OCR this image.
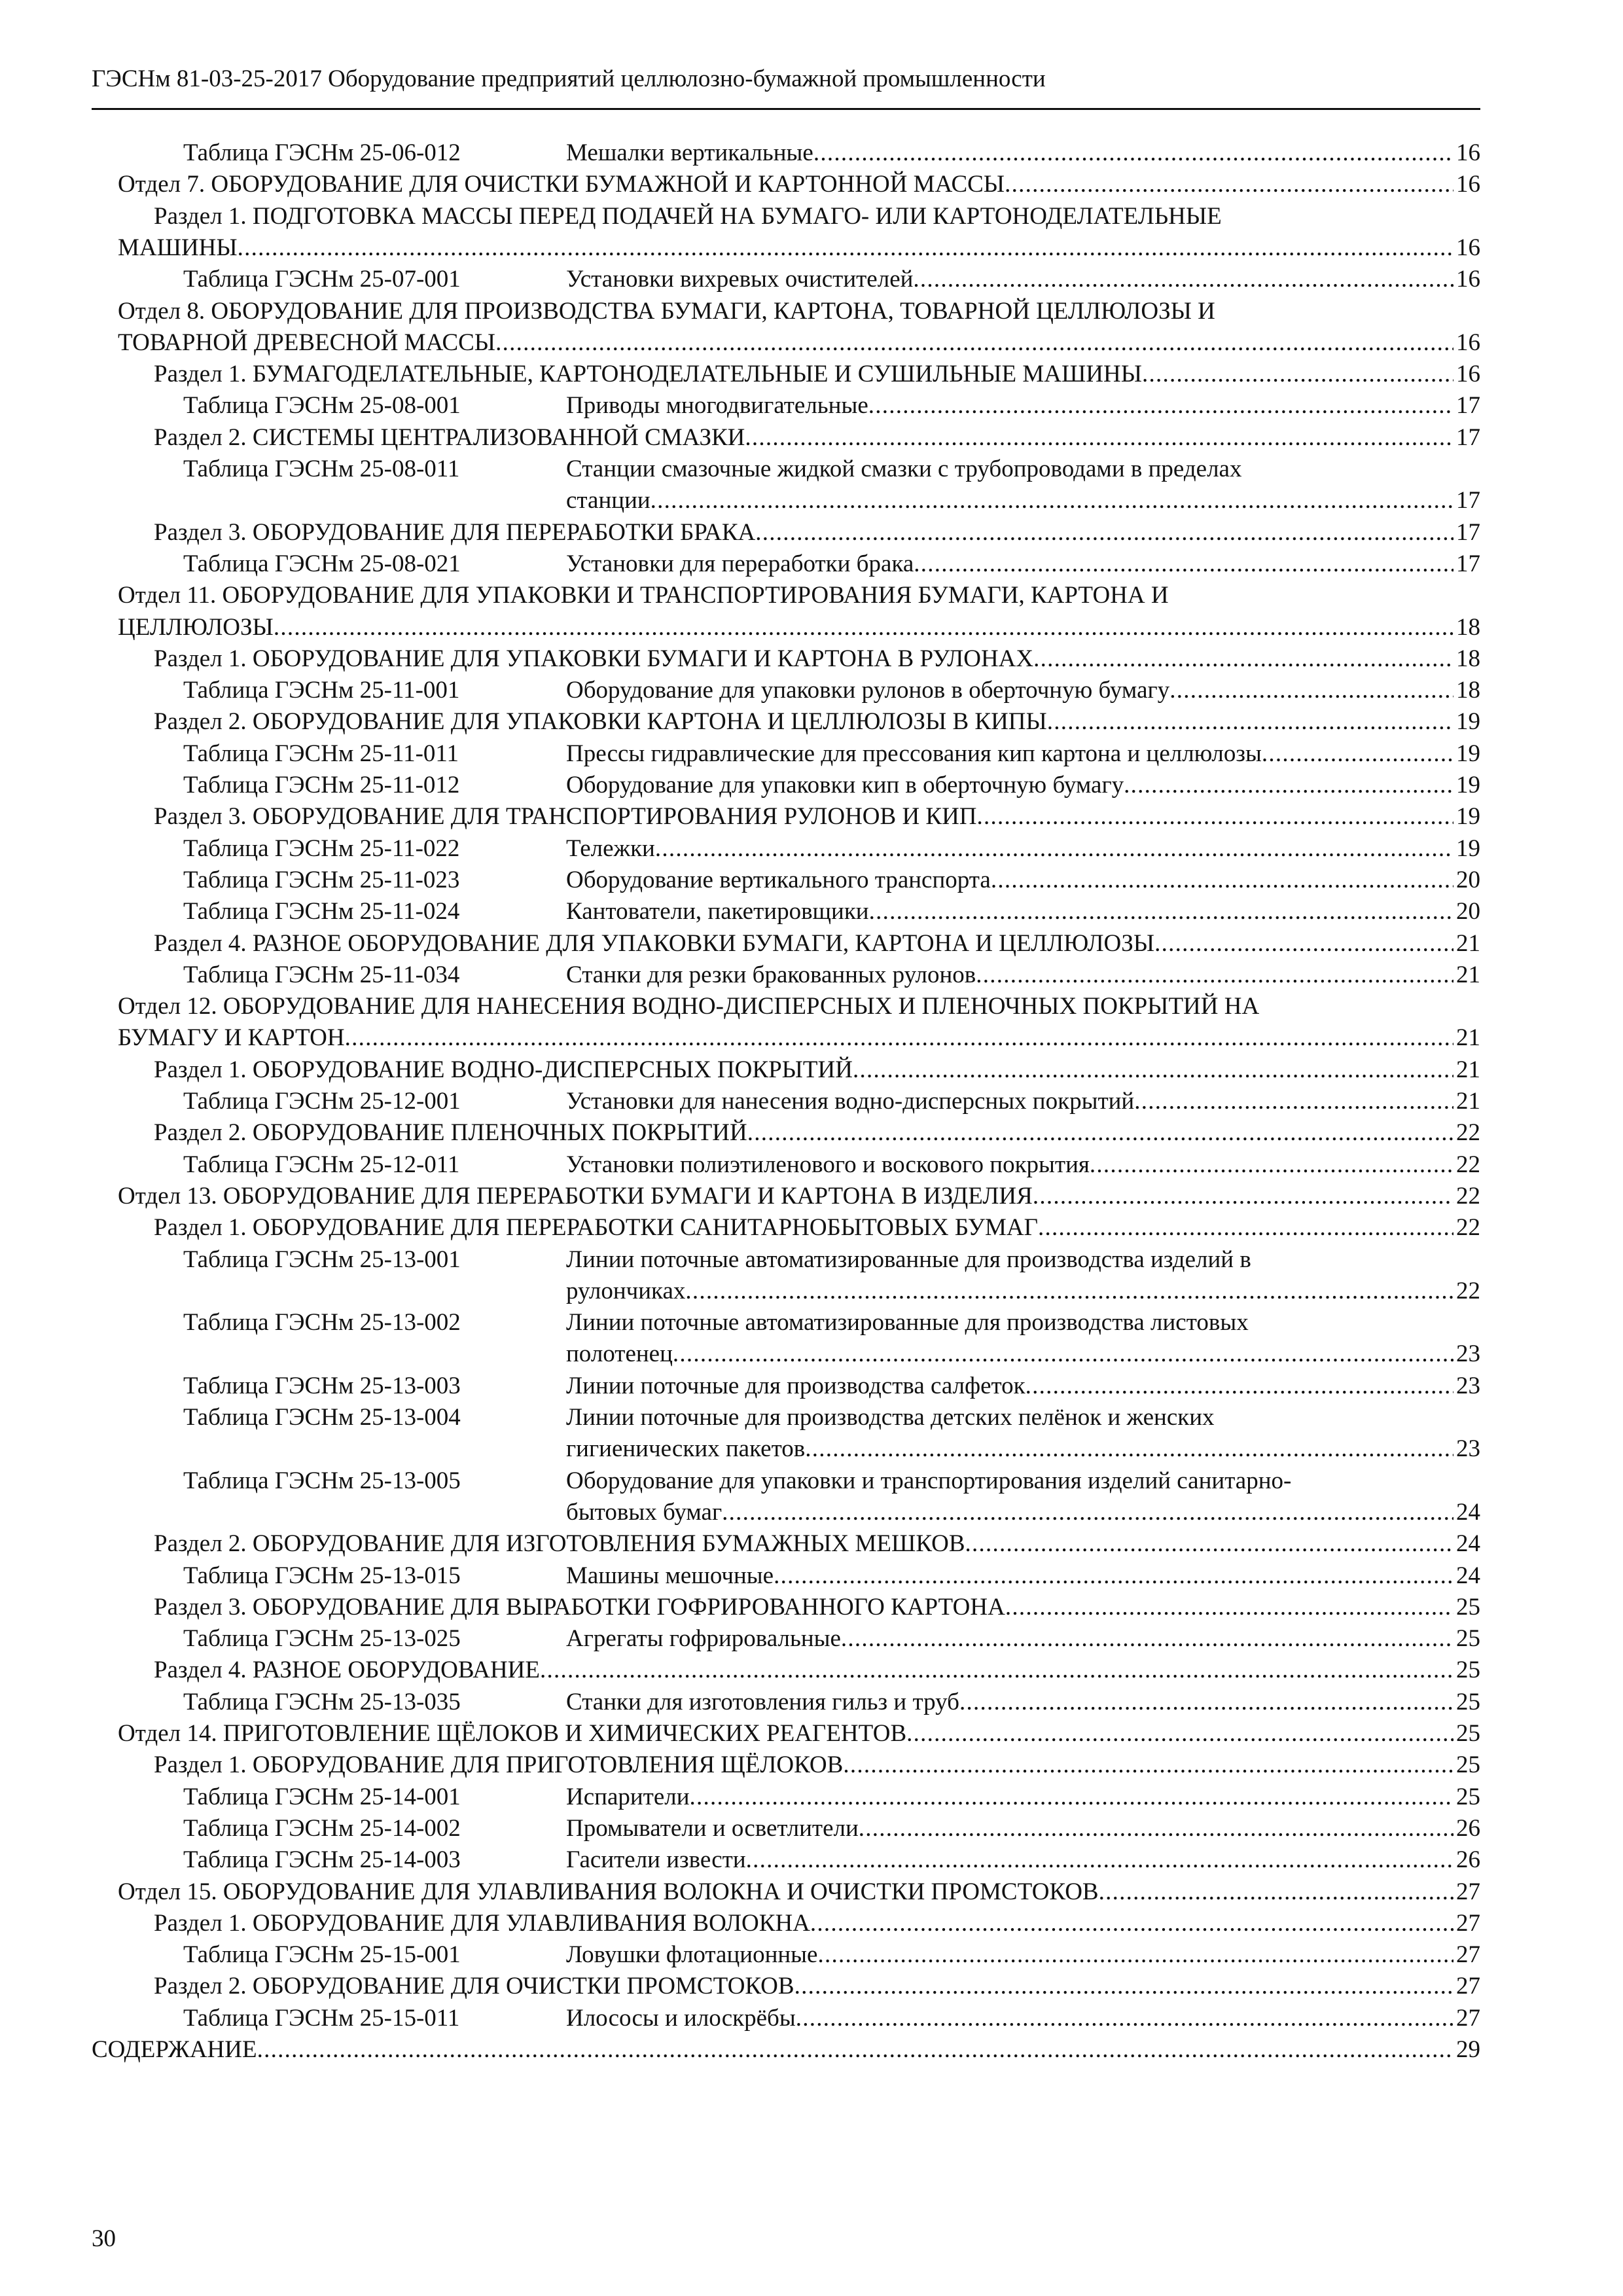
ГЭСНм 81-03-25-2017 Оборудование предприятий целлюлозно-бумажной промышленности
Таблица ГЭСНм 25-06-012	Мешалки вертикальные . . .	16
Отдел 7. ОБОРУДОВАНИЕ ДЛЯ ОЧИСТКИ БУМАЖНОЙ И КАРТОННОЙ МАССЫ . . .	16
Раздел 1. ПОДГОТОВКА МАССЫ ПЕРЕД ПОДАЧЕЙ НА БУМАГО- ИЛИ КАРТОНОДЕЛАТЕЛЬНЫЕ
МАШИНЫ . . .	16
Таблица ГЭСНм 25-07-001	Установки вихревых очистителей . . .	16
Отдел 8. ОБОРУДОВАНИЕ ДЛЯ ПРОИЗВОДСТВА БУМАГИ, КАРТОНА, ТОВАРНОЙ ЦЕЛЛЮЛОЗЫ И
ТОВАРНОЙ ДРЕВЕСНОЙ МАССЫ . . .	16
Раздел 1. БУМАГОДЕЛАТЕЛЬНЫЕ, КАРТОНОДЕЛАТЕЛЬНЫЕ И СУШИЛЬНЫЕ МАШИНЫ . . .	16
Таблица ГЭСНм 25-08-001	Приводы многодвигательные . . .	17
Раздел 2. СИСТЕМЫ ЦЕНТРАЛИЗОВАННОЙ СМАЗКИ . . .	17
Таблица ГЭСНм 25-08-011	Станции смазочные жидкой смазки с трубопроводами в пределах
станции . . .	17
Раздел 3. ОБОРУДОВАНИЕ ДЛЯ ПЕРЕРАБОТКИ БРАКА . . .	17
Таблица ГЭСНм 25-08-021	Установки для переработки брака . . .	17
Отдел 11. ОБОРУДОВАНИЕ ДЛЯ УПАКОВКИ И ТРАНСПОРТИРОВАНИЯ БУМАГИ, КАРТОНА И
ЦЕЛЛЮЛОЗЫ . . .	18
Раздел 1. ОБОРУДОВАНИЕ ДЛЯ УПАКОВКИ БУМАГИ И КАРТОНА В РУЛОНАХ . . .	18
Таблица ГЭСНм 25-11-001	Оборудование для упаковки рулонов в оберточную бумагу . . .	18
Раздел 2. ОБОРУДОВАНИЕ ДЛЯ УПАКОВКИ КАРТОНА И ЦЕЛЛЮЛОЗЫ В КИПЫ . . .	19
Таблица ГЭСНм 25-11-011	Прессы гидравлические для прессования кип картона и целлюлозы . . .	19
Таблица ГЭСНм 25-11-012	Оборудование для упаковки кип в оберточную бумагу . . .	19
Раздел 3. ОБОРУДОВАНИЕ ДЛЯ ТРАНСПОРТИРОВАНИЯ РУЛОНОВ И КИП . . .	19
Таблица ГЭСНм 25-11-022	Тележки . . .	19
Таблица ГЭСНм 25-11-023	Оборудование вертикального транспорта . . .	20
Таблица ГЭСНм 25-11-024	Кантователи, пакетировщики . . .	20
Раздел 4. РАЗНОЕ ОБОРУДОВАНИЕ ДЛЯ УПАКОВКИ БУМАГИ, КАРТОНА И ЦЕЛЛЮЛОЗЫ . . .	21
Таблица ГЭСНм 25-11-034	Станки для резки бракованных рулонов . . .	21
Отдел 12. ОБОРУДОВАНИЕ ДЛЯ НАНЕСЕНИЯ ВОДНО-ДИСПЕРСНЫХ И ПЛЕНОЧНЫХ ПОКРЫТИЙ НА
БУМАГУ И КАРТОН . . .	21
Раздел 1. ОБОРУДОВАНИЕ ВОДНО-ДИСПЕРСНЫХ ПОКРЫТИЙ . . .	21
Таблица ГЭСНм 25-12-001	Установки для нанесения водно-дисперсных покрытий . . .	21
Раздел 2. ОБОРУДОВАНИЕ ПЛЕНОЧНЫХ ПОКРЫТИЙ . . .	22
Таблица ГЭСНм 25-12-011	Установки полиэтиленового и воскового покрытия . . .	22
Отдел 13. ОБОРУДОВАНИЕ ДЛЯ ПЕРЕРАБОТКИ БУМАГИ И КАРТОНА В ИЗДЕЛИЯ . . .	22
Раздел 1. ОБОРУДОВАНИЕ ДЛЯ ПЕРЕРАБОТКИ САНИТАРНОБЫТОВЫХ БУМАГ . . .	22
Таблица ГЭСНм 25-13-001	Линии поточные автоматизированные для производства изделий в
рулончиках . . .	22
Таблица ГЭСНм 25-13-002	Линии поточные автоматизированные для производства листовых
полотенец . . .	23
Таблица ГЭСНм 25-13-003	Линии поточные для производства салфеток . . .	23
Таблица ГЭСНм 25-13-004	Линии поточные для производства детских пелёнок и женских
гигиенических пакетов . . .	23
Таблица ГЭСНм 25-13-005	Оборудование для упаковки и транспортирования изделий санитарно-
бытовых бумаг . . .	24
Раздел 2. ОБОРУДОВАНИЕ ДЛЯ ИЗГОТОВЛЕНИЯ БУМАЖНЫХ МЕШКОВ . . .	24
Таблица ГЭСНм 25-13-015	Машины мешочные . . .	24
Раздел 3. ОБОРУДОВАНИЕ ДЛЯ ВЫРАБОТКИ ГОФРИРОВАННОГО КАРТОНА . . .	25
Таблица ГЭСНм 25-13-025	Агрегаты гофрировальные . . .	25
Раздел 4. РАЗНОЕ ОБОРУДОВАНИЕ . . .	25
Таблица ГЭСНм 25-13-035	Станки для изготовления гильз и труб . . .	25
Отдел 14. ПРИГОТОВЛЕНИЕ ЩЁЛОКОВ И ХИМИЧЕСКИХ РЕАГЕНТОВ . . .	25
Раздел 1. ОБОРУДОВАНИЕ ДЛЯ ПРИГОТОВЛЕНИЯ ЩЁЛОКОВ . . .	25
Таблица ГЭСНм 25-14-001	Испарители . . .	25
Таблица ГЭСНм 25-14-002	Промыватели и осветлители . . .	26
Таблица ГЭСНм 25-14-003	Гасители извести . . .	26
Отдел 15. ОБОРУДОВАНИЕ ДЛЯ УЛАВЛИВАНИЯ ВОЛОКНА И ОЧИСТКИ ПРОМСТОКОВ . . .	27
Раздел 1. ОБОРУДОВАНИЕ ДЛЯ УЛАВЛИВАНИЯ ВОЛОКНА . . .	27
Таблица ГЭСНм 25-15-001	Ловушки флотационные . . .	27
Раздел 2. ОБОРУДОВАНИЕ ДЛЯ ОЧИСТКИ ПРОМСТОКОВ . . .	27
Таблица ГЭСНм 25-15-011	Илососы и илоскрёбы . . .	27
СОДЕРЖАНИЕ . . .	29
30
